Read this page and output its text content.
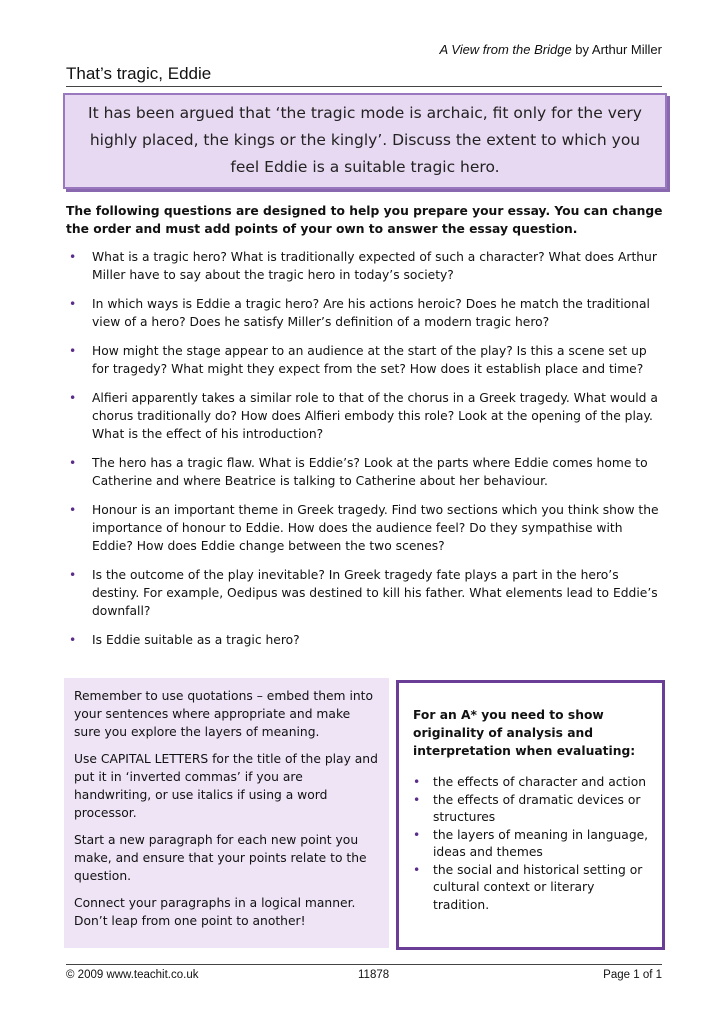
A View from the Bridge by Arthur Miller
That’s tragic, Eddie

It has been argued that ‘the tragic mode is archaic, fit only for the very highly placed, the kings or the kingly’. Discuss the extent to which you feel Eddie is a suitable tragic hero.

The following questions are designed to help you prepare your essay. You can change the order and must add points of your own to answer the essay question.

• What is a tragic hero? What is traditionally expected of such a character? What does Arthur Miller have to say about the tragic hero in today’s society?
• In which ways is Eddie a tragic hero? Are his actions heroic? Does he match the traditional view of a hero? Does he satisfy Miller’s definition of a modern tragic hero?
• How might the stage appear to an audience at the start of the play? Is this a scene set up for tragedy? What might they expect from the set? How does it establish place and time?
• Alfieri apparently takes a similar role to that of the chorus in a Greek tragedy. What would a chorus traditionally do? How does Alfieri embody this role? Look at the opening of the play. What is the effect of his introduction?
• The hero has a tragic flaw. What is Eddie’s? Look at the parts where Eddie comes home to Catherine and where Beatrice is talking to Catherine about her behaviour.
• Honour is an important theme in Greek tragedy. Find two sections which you think show the importance of honour to Eddie. How does the audience feel? Do they sympathise with Eddie? How does Eddie change between the two scenes?
• Is the outcome of the play inevitable? In Greek tragedy fate plays a part in the hero’s destiny. For example, Oedipus was destined to kill his father. What elements lead to Eddie’s downfall?
• Is Eddie suitable as a tragic hero?

Remember to use quotations – embed them into your sentences where appropriate and make sure you explore the layers of meaning.

Use CAPITAL LETTERS for the title of the play and put it in ‘inverted commas’ if you are handwriting, or use italics if using a word processor.

Start a new paragraph for each new point you make, and ensure that your points relate to the question.

Connect your paragraphs in a logical manner. Don’t leap from one point to another!

For an A* you need to show originality of analysis and interpretation when evaluating:

• the effects of character and action
• the effects of dramatic devices or structures
• the layers of meaning in language, ideas and themes
• the social and historical setting or cultural context or literary tradition.
© 2009 www.teachit.co.uk	11878	Page 1 of 1
